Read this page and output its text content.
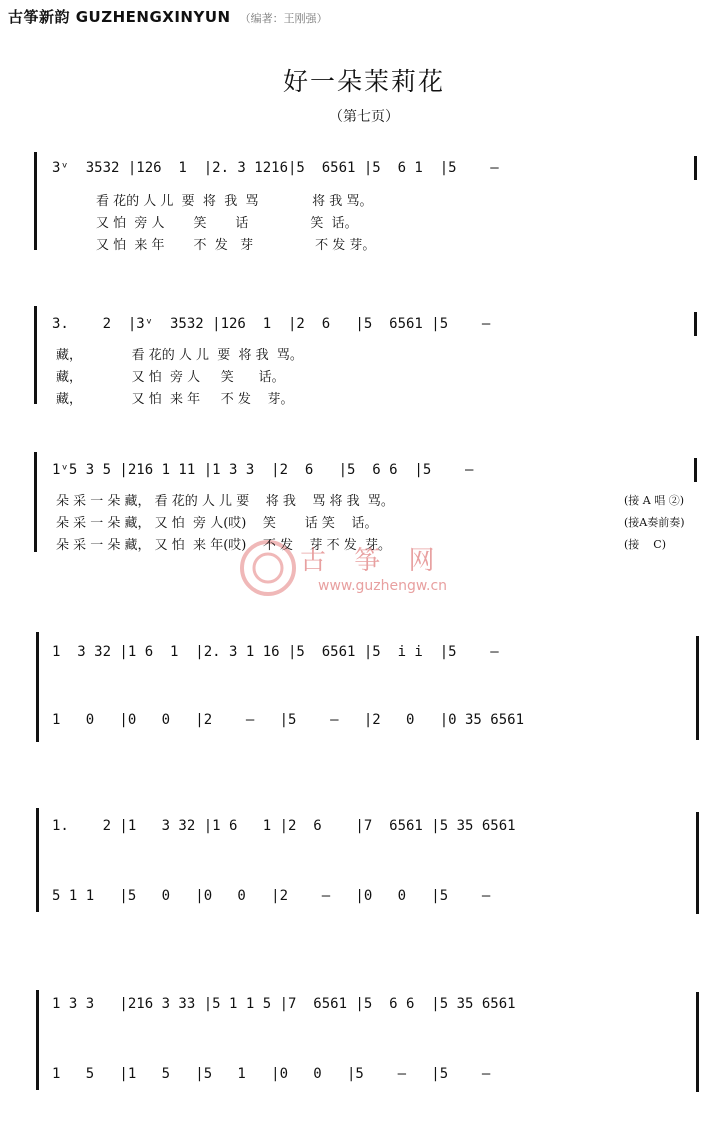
古筝新韵 GUZHENGXINYUN （编著：王刚强）
好一朵茉莉花
（第七页）
古 筝 网
www.guzhengw.cn
3ᵛ  3532 |126  1  |2. 3 1216|5  6561 |5  6 1  |5    –
看 花的 人 儿  要  将  我  骂             将 我 骂。
又 怕  旁 人       笑       话               笑  话。
又 怕  来 年       不  发   芽               不 发 芽。
3.    2  |3ᵛ  3532 |126  1  |2  6   |5  6561 |5    –
藏，            看 花的 人 儿  要  将 我  骂。
藏，            又 怕  旁 人     笑      话。
藏，            又 怕  来 年     不 发    芽。
1ᵛ5 3 5 |216 1 11 |1 3 3  |2  6   |5  6 6  |5    –
朵 采 一 朵 藏， 看 花的 人 儿 要    将 我    骂 将 我  骂。
朵 采 一 朵 藏， 又 怕  旁 人(哎)    笑       话 笑    话。
朵 采 一 朵 藏， 又 怕  来 年(哎)    不 发    芽 不 发  芽。
(接 A 唱 ②)
(接A奏前奏)
(接    C)
1  3 32 |1 6  1  |2. 3 1 16 |5  6561 |5  i i  |5    –
1   0   |0   0   |2    –   |5    –   |2   0   |0 35 6561
1.    2 |1   3 32 |1 6   1 |2  6    |7  6561 |5 35 6561
5 1 1   |5   0   |0   0   |2    –   |0   0   |5    –
1 3 3   |216 3 33 |5 1 1 5 |7  6561 |5  6 6  |5 35 6561
1   5   |1   5   |5   1   |0   0   |5    –   |5    –
